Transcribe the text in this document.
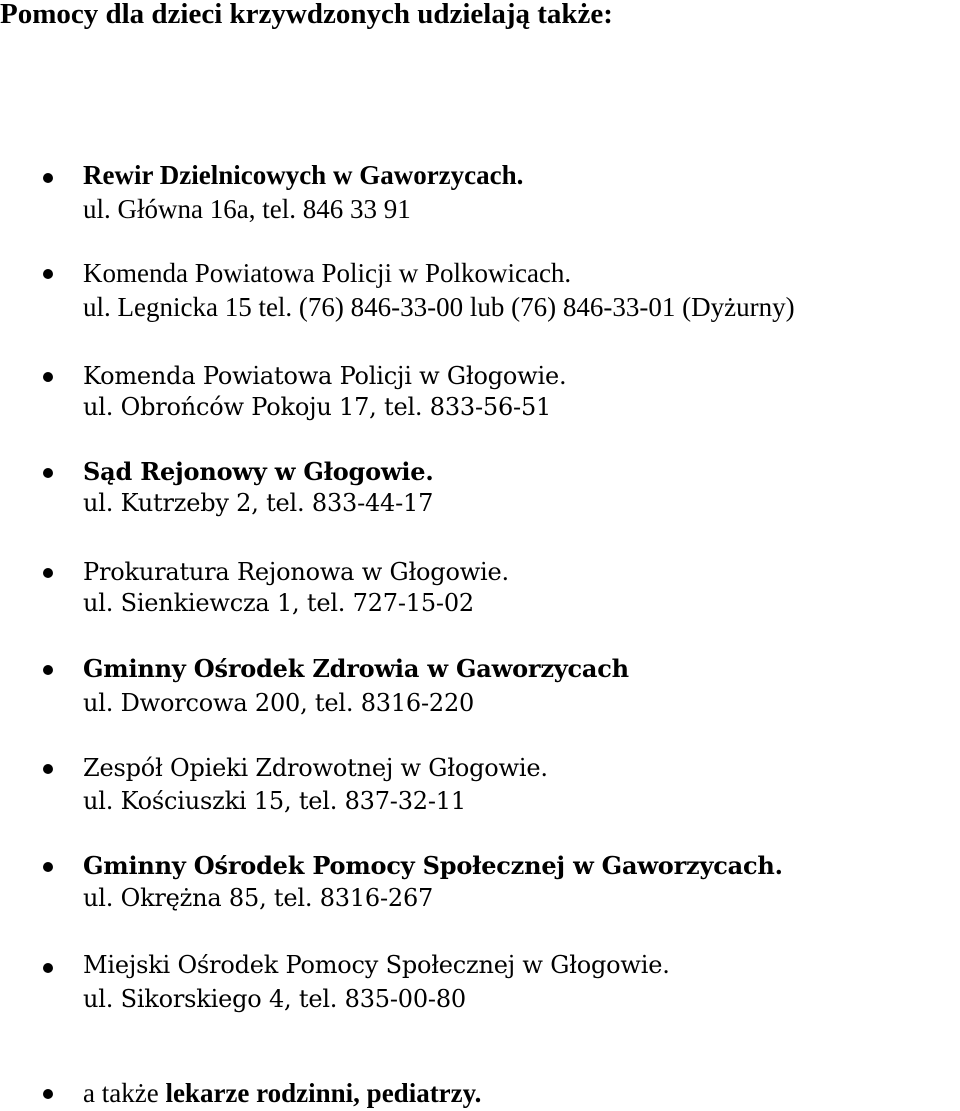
Pomocy dla dzieci krzywdzonych udzielają także:
Rewir Dzielnicowych w Gaworzycach.
ul. Główna 16a, tel. 846 33 91
Komenda Powiatowa Policji w Polkowicach.
ul. Legnicka 15 tel. (76) 846-33-00 lub (76) 846-33-01 (Dyżurny)
Komenda Powiatowa Policji w Głogowie.
ul. Obrońców Pokoju 17, tel. 833-56-51
Sąd Rejonowy w Głogowie.
ul. Kutrzeby 2, tel. 833-44-17
Prokuratura Rejonowa w Głogowie.
ul. Sienkiewcza 1, tel. 727-15-02
Gminny Ośrodek Zdrowia w Gaworzycach
ul. Dworcowa 200, tel. 8316-220
Zespół Opieki Zdrowotnej w Głogowie.
ul. Kościuszki 15, tel. 837-32-11
Gminny Ośrodek Pomocy Społecznej w Gaworzycach.
ul. Okrężna 85, tel. 8316-267
Miejski Ośrodek Pomocy Społecznej w Głogowie.
ul. Sikorskiego 4, tel. 835-00-80
a także lekarze rodzinni, pediatrzy.
